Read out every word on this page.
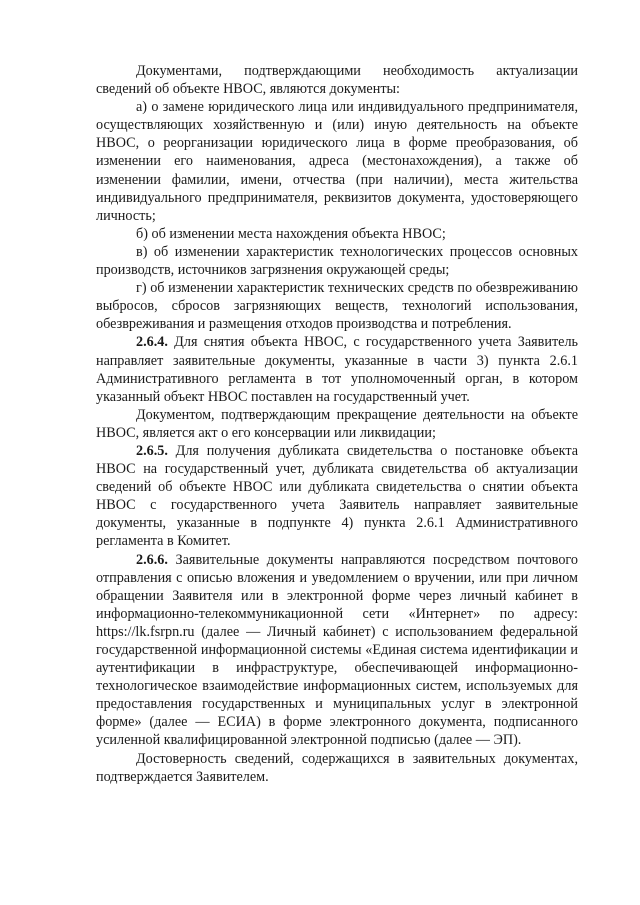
Документами, подтверждающими необходимость актуализации сведений об объекте НВОС, являются документы:

а) о замене юридического лица или индивидуального предпринимателя, осуществляющих хозяйственную и (или) иную деятельность на объекте НВОС, о реорганизации юридического лица в форме преобразования, об изменении его наименования, адреса (местонахождения), а также об изменении фамилии, имени, отчества (при наличии), места жительства индивидуального предпринимателя, реквизитов документа, удостоверяющего личность;

б) об изменении места нахождения объекта НВОС;

в) об изменении характеристик технологических процессов основных производств, источников загрязнения окружающей среды;

г) об изменении характеристик технических средств по обезвреживанию выбросов, сбросов загрязняющих веществ, технологий использования, обезвреживания и размещения отходов производства и потребления.

2.6.4. Для снятия объекта НВОС, с государственного учета Заявитель направляет заявительные документы, указанные в части 3) пункта 2.6.1 Административного регламента в тот уполномоченный орган, в котором указанный объект НВОС поставлен на государственный учет.

Документом, подтверждающим прекращение деятельности на объекте НВОС, является акт о его консервации или ликвидации;

2.6.5. Для получения дубликата свидетельства о постановке объекта НВОС на государственный учет, дубликата свидетельства об актуализации сведений об объекте НВОС или дубликата свидетельства о снятии объекта НВОС с государственного учета Заявитель направляет заявительные документы, указанные в подпункте 4) пункта 2.6.1 Административного регламента в Комитет.

2.6.6. Заявительные документы направляются посредством почтового отправления с описью вложения и уведомлением о вручении, или при личном обращении Заявителя или в электронной форме через личный кабинет в информационно-телекоммуникационной сети «Интернет» по адресу: https://lk.fsrpn.ru (далее — Личный кабинет) с использованием федеральной государственной информационной системы «Единая система идентификации и аутентификации в инфраструктуре, обеспечивающей информационно-технологическое взаимодействие информационных систем, используемых для предоставления государственных и муниципальных услуг в электронной форме» (далее — ЕСИА) в форме электронного документа, подписанного усиленной квалифицированной электронной подписью (далее — ЭП).

Достоверность сведений, содержащихся в заявительных документах, подтверждается Заявителем.
